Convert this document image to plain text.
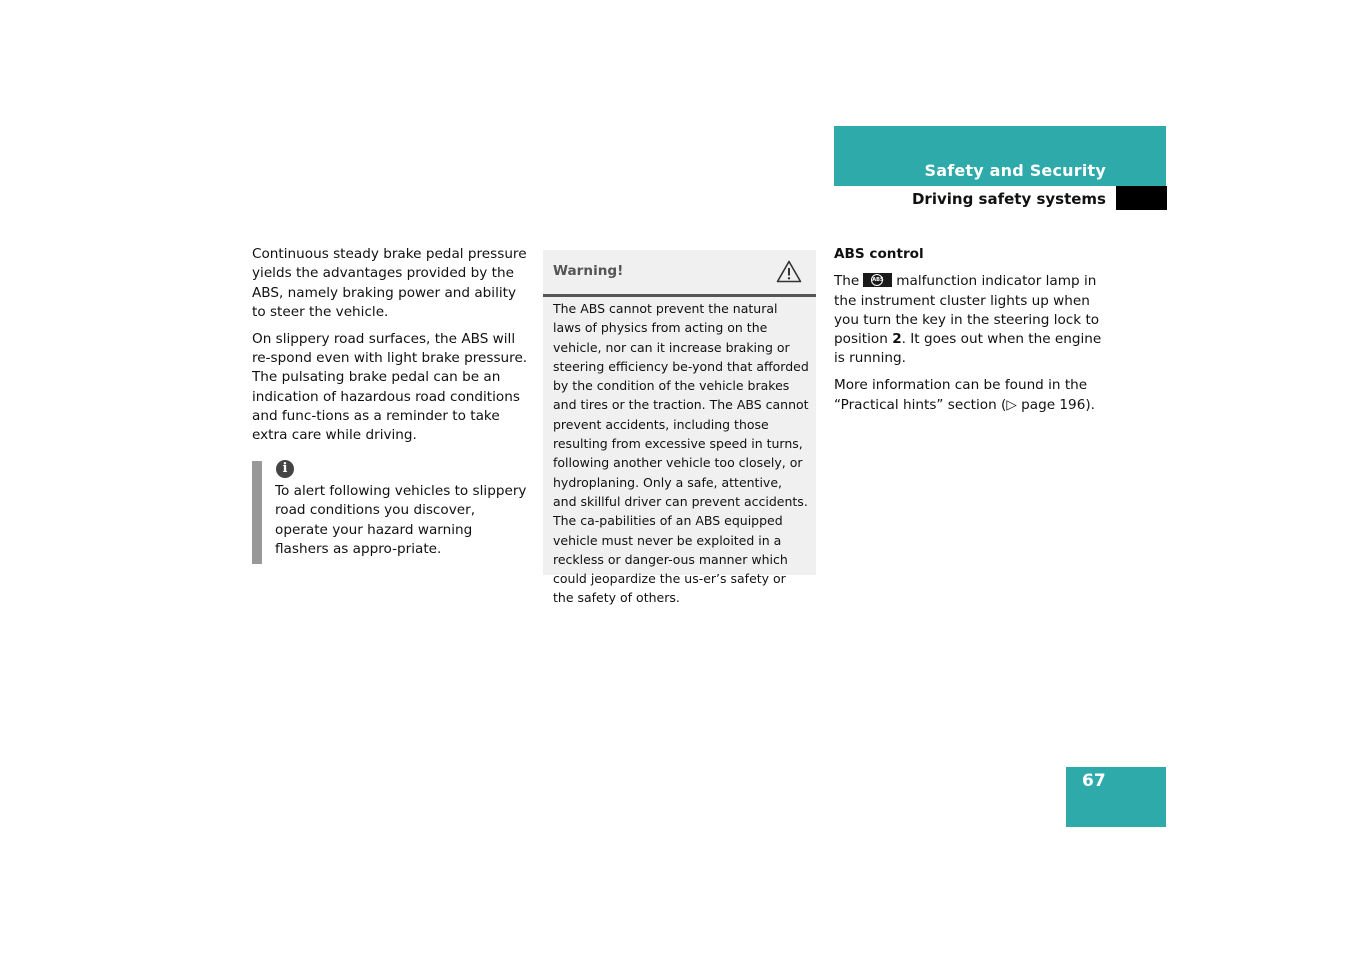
Safety and Security
Driving safety systems

Continuous steady brake pedal pressure yields the advantages provided by the ABS, namely braking power and ability to steer the vehicle.

On slippery road surfaces, the ABS will re-spond even with light brake pressure. The pulsating brake pedal can be an indication of hazardous road conditions and func-tions as a reminder to take extra care while driving.

i
To alert following vehicles to slippery road conditions you discover, operate your hazard warning flashers as appro-priate.
Warning!
The ABS cannot prevent the natural laws of physics from acting on the vehicle, nor can it increase braking or steering efficiency be-yond that afforded by the condition of the vehicle brakes and tires or the traction. The ABS cannot prevent accidents, including those resulting from excessive speed in turns, following another vehicle too closely, or hydroplaning. Only a safe, attentive, and skillful driver can prevent accidents. The ca-pabilities of an ABS equipped vehicle must never be exploited in a reckless or danger-ous manner which could jeopardize the us-er’s safety or the safety of others.
ABS control

The	ABS malfunction indicator lamp in the instrument cluster lights up when you turn the key in the steering lock to position 2. It goes out when the engine is running.

More information can be found in the “Practical hints” section (▷ page 196).

67
